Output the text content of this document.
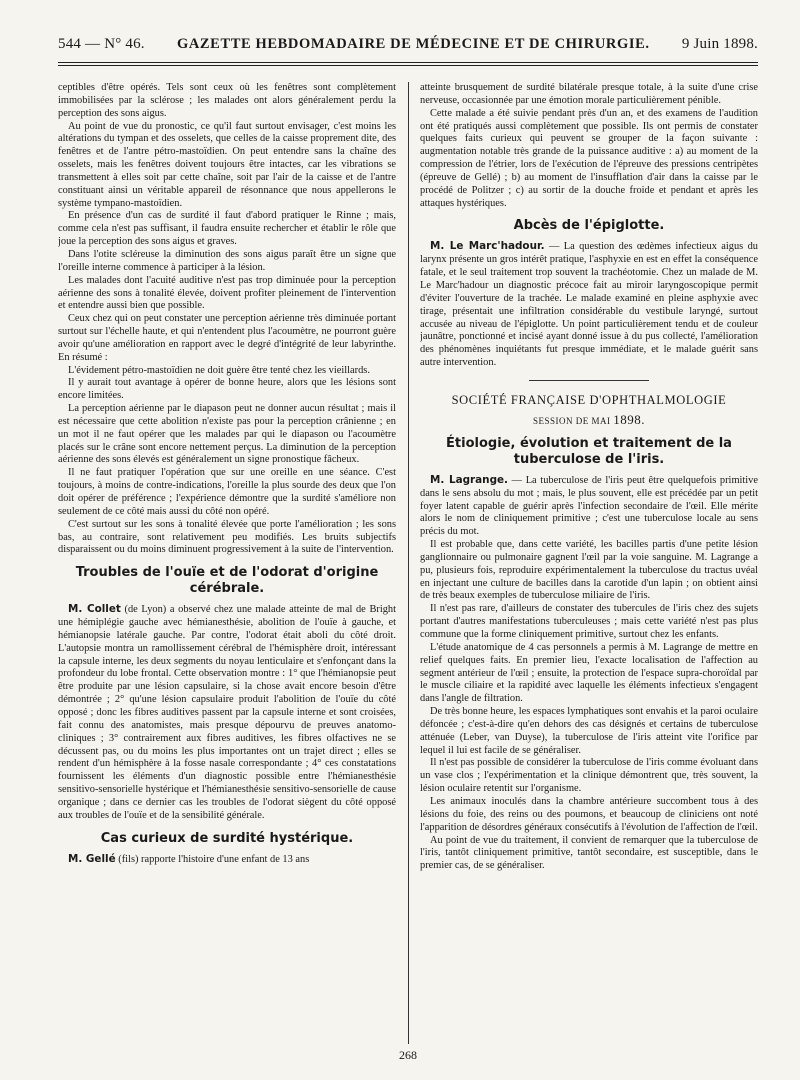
544 — N° 46. GAZETTE HEBDOMADAIRE DE MÉDECINE ET DE CHIRURGIE. 9 Juin 1898.

ceptibles d'être opérés. Tels sont ceux où les fenêtres sont complètement immobilisées par la sclérose ; les malades ont alors généralement perdu la perception des sons aigus.

Au point de vue du pronostic, ce qu'il faut surtout envisager, c'est moins les altérations du tympan et des osselets, que celles de la caisse proprement dite, des fenêtres et de l'antre pétro-mastoïdien. On peut entendre sans la chaîne des osselets, mais les fenêtres doivent toujours être intactes, car les vibrations se transmettent à elles soit par cette chaîne, soit par l'air de la caisse et de l'antre constituant ainsi un véritable appareil de résonnance que nous appellerons le système tympano-mastoïdien.

En présence d'un cas de surdité il faut d'abord pratiquer le Rinne ; mais, comme cela n'est pas suffisant, il faudra ensuite rechercher et établir le rôle que joue la perception des sons aigus et graves.

Dans l'otite scléreuse la diminution des sons aigus paraît être un signe que l'oreille interne commence à participer à la lésion.

Les malades dont l'acuité auditive n'est pas trop diminuée pour la perception aérienne des sons à tonalité élevée, doivent profiter pleinement de l'intervention et entendre aussi bien que possible.

Ceux chez qui on peut constater une perception aérienne très diminuée portant surtout sur l'échelle haute, et qui n'entendent plus l'acoumètre, ne pourront guère avoir qu'une amélioration en rapport avec le degré d'intégrité de leur labyrinthe. En résumé :

L'évidement pétro-mastoïdien ne doit guère être tenté chez les vieillards.

Il y aurait tout avantage à opérer de bonne heure, alors que les lésions sont encore limitées.

La perception aérienne par le diapason peut ne donner aucun résultat ; mais il est nécessaire que cette abolition n'existe pas pour la perception crânienne ; en un mot il ne faut opérer que les malades par qui le diapason ou l'acoumètre placés sur le crâne sont encore nettement perçus. La diminution de la perception aérienne des sons élevés est généralement un signe pronostique fâcheux.

Il ne faut pratiquer l'opération que sur une oreille en une séance. C'est toujours, à moins de contre-indications, l'oreille la plus sourde des deux que l'on doit opérer de préférence ; l'expérience démontre que la surdité s'améliore non seulement de ce côté mais aussi du côté non opéré.

C'est surtout sur les sons à tonalité élevée que porte l'amélioration ; les sons bas, au contraire, sont relativement peu modifiés. Les bruits subjectifs disparaissent ou du moins diminuent progressivement à la suite de l'intervention.

Troubles de l'ouïe et de l'odorat d'origine cérébrale.

M. Collet (de Lyon) a observé chez une malade atteinte de mal de Bright une hémiplégie gauche avec hémianesthésie, abolition de l'ouïe à gauche, et hémianopsie latérale gauche. Par contre, l'odorat était aboli du côté droit. L'autopsie montra un ramollissement cérébral de l'hémisphère droit, intéressant la capsule interne, les deux segments du noyau lenticulaire et s'enfonçant dans la profondeur du lobe frontal. Cette observation montre : 1° que l'hémianopsie peut être produite par une lésion capsulaire, si la chose avait encore besoin d'être démontrée ; 2° qu'une lésion capsulaire produit l'abolition de l'ouïe du côté opposé ; donc les fibres auditives passent par la capsule interne et sont croisées, fait connu des anatomistes, mais presque dépourvu de preuves anatomo-cliniques ; 3° contrairement aux fibres auditives, les fibres olfactives ne se décussent pas, ou du moins les plus importantes ont un trajet direct ; elles se rendent d'un hémisphère à la fosse nasale correspondante ; 4° ces constatations fournissent les éléments d'un diagnostic possible entre l'hémianesthésie sensitivo-sensorielle hystérique et l'hémianesthésie sensitivo-sensorielle de cause organique ; dans ce dernier cas les troubles de l'odorat siègent du côté opposé aux troubles de l'ouïe et de la sensibilité générale.

Cas curieux de surdité hystérique.

M. Gellé (fils) rapporte l'histoire d'une enfant de 13 ans

atteinte brusquement de surdité bilatérale presque totale, à la suite d'une crise nerveuse, occasionnée par une émotion morale particulièrement pénible.

Cette malade a été suivie pendant près d'un an, et des examens de l'audition ont été pratiqués aussi complètement que possible. Ils ont permis de constater quelques faits curieux qui peuvent se grouper de la façon suivante : augmentation notable très grande de la puissance auditive : a) au moment de la compression de l'étrier, lors de l'exécution de l'épreuve des pressions centripètes (épreuve de Gellé) ; b) au moment de l'insufflation d'air dans la caisse par le procédé de Politzer ; c) au sortir de la douche froide et pendant et après les attaques hystériques.

Abcès de l'épiglotte.

M. Le Marc'hadour. — La question des œdèmes infectieux aigus du larynx présente un gros intérêt pratique, l'asphyxie en est en effet la conséquence fatale, et le seul traitement trop souvent la trachéotomie. Chez un malade de M. Le Marc'hadour un diagnostic précoce fait au miroir laryngoscopique permit d'éviter l'ouverture de la trachée. Le malade examiné en pleine asphyxie avec tirage, présentait une infiltration considérable du vestibule laryngé, surtout accusée au niveau de l'épiglotte. Un point particulièrement tendu et de couleur jaunâtre, ponctionné et incisé ayant donné issue à du pus collecté, l'amélioration des phénomènes inquiétants fut presque immédiate, et le malade guérit sans autre intervention.

SOCIÉTÉ FRANÇAISE D'OPHTHALMOLOGIE
SESSION DE MAI 1898.
Étiologie, évolution et traitement de la tuberculose de l'iris.

M. Lagrange. — La tuberculose de l'iris peut être quelquefois primitive dans le sens absolu du mot ; mais, le plus souvent, elle est précédée par un petit foyer latent capable de guérir après l'infection secondaire de l'œil. Elle mérite alors le nom de cliniquement primitive ; c'est une tuberculose locale au sens précis du mot.

Il est probable que, dans cette variété, les bacilles partis d'une petite lésion ganglionnaire ou pulmonaire gagnent l'œil par la voie sanguine. M. Lagrange a pu, plusieurs fois, reproduire expérimentalement la tuberculose du tractus uvéal en injectant une culture de bacilles dans la carotide d'un lapin ; on obtient ainsi de très beaux exemples de tuberculose miliaire de l'iris.

Il n'est pas rare, d'ailleurs de constater des tubercules de l'iris chez des sujets portant d'autres manifestations tuberculeuses ; mais cette variété n'est pas plus commune que la forme cliniquement primitive, surtout chez les enfants.

L'étude anatomique de 4 cas personnels a permis à M. Lagrange de mettre en relief quelques faits. En premier lieu, l'exacte localisation de l'affection au segment antérieur de l'œil ; ensuite, la protection de l'espace supra-choroïdal par le muscle ciliaire et la rapidité avec laquelle les éléments infectieux s'engagent dans l'angle de filtration.

De très bonne heure, les espaces lymphatiques sont envahis et la paroi oculaire défoncée ; c'est-à-dire qu'en dehors des cas désignés et certains de tuberculose atténuée (Leber, van Duyse), la tuberculose de l'iris atteint vite l'orifice par lequel il lui est facile de se généraliser.

Il n'est pas possible de considérer la tuberculose de l'iris comme évoluant dans un vase clos ; l'expérimentation et la clinique démontrent que, très souvent, la lésion oculaire retentit sur l'organisme.

Les animaux inoculés dans la chambre antérieure succombent tous à des lésions du foie, des reins ou des poumons, et beaucoup de cliniciens ont noté l'apparition de désordres généraux consécutifs à l'évolution de l'affection de l'œil.

Au point de vue du traitement, il convient de remarquer que la tuberculose de l'iris, tantôt cliniquement primitive, tantôt secondaire, est susceptible, dans le premier cas, de se généraliser.

268
